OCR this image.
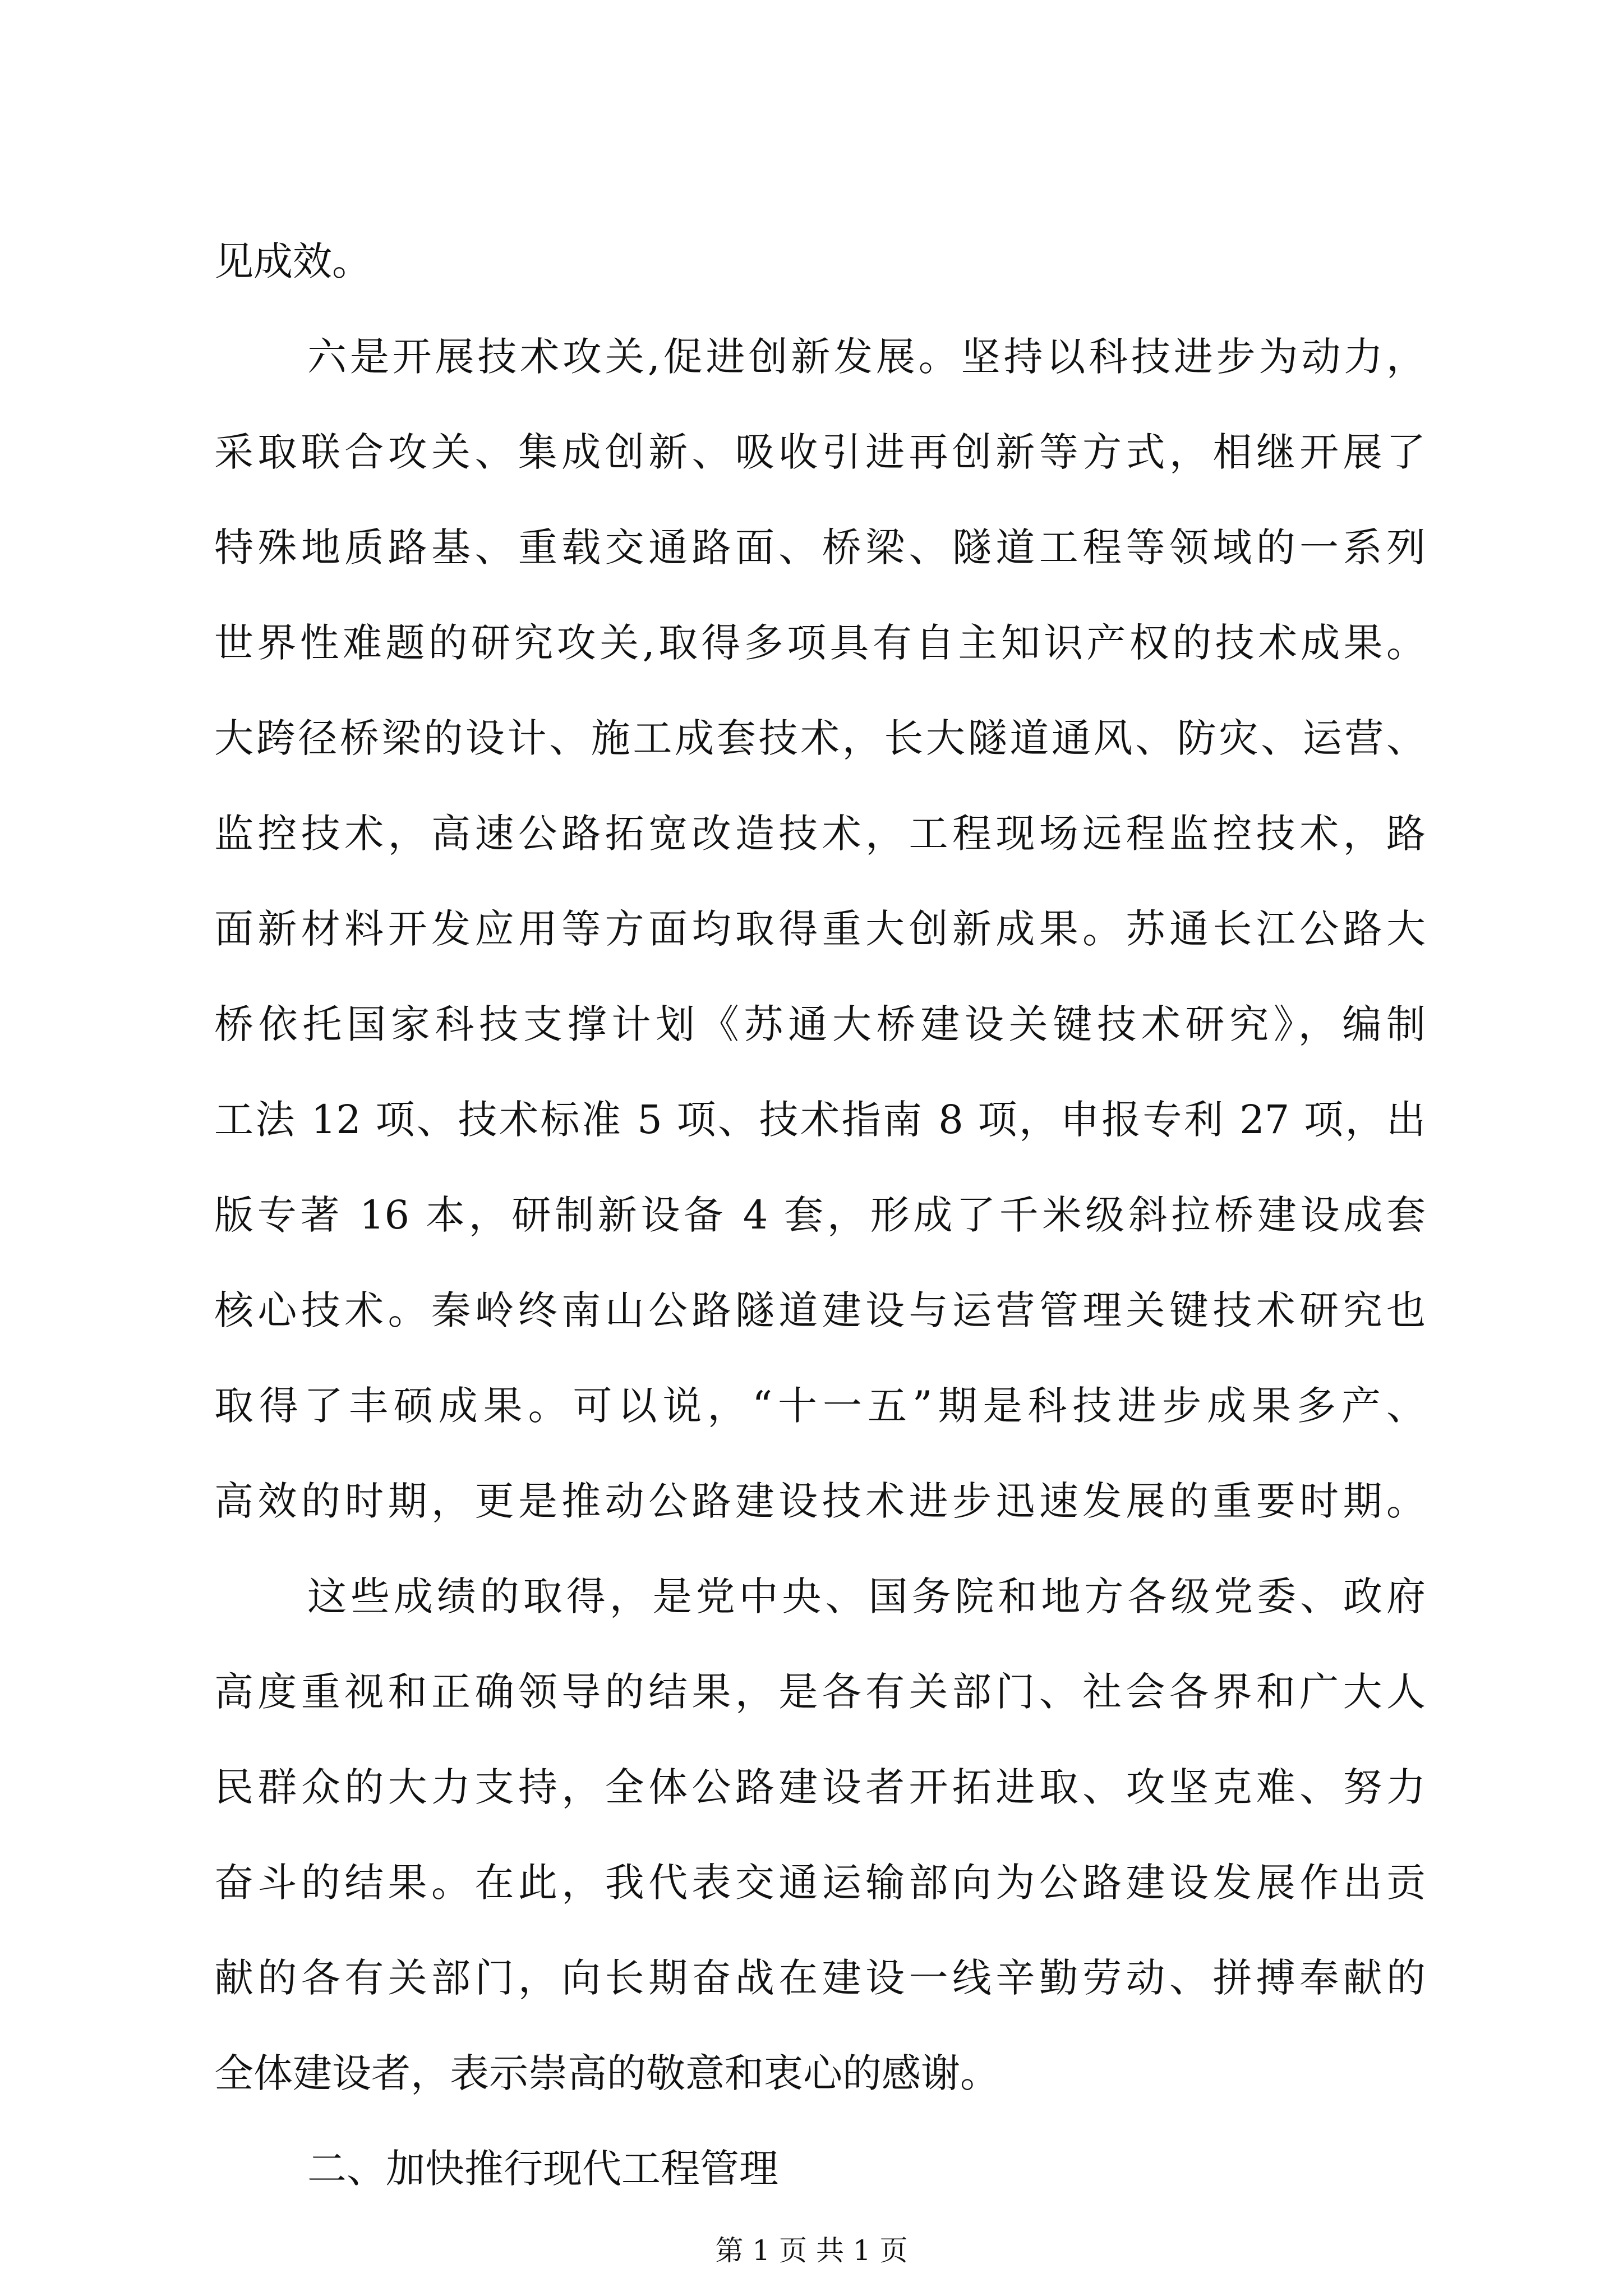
见成效。

六是开展技术攻关,促进创新发展。坚持以科技进步为动力，

采取联合攻关、集成创新、吸收引进再创新等方式，相继开展了

特殊地质路基、重载交通路面、桥梁、隧道工程等领域的一系列

世界性难题的研究攻关,取得多项具有自主知识产权的技术成果。

大跨径桥梁的设计、施工成套技术，长大隧道通风、防灾、运营、

监控技术，高速公路拓宽改造技术，工程现场远程监控技术，路

面新材料开发应用等方面均取得重大创新成果。苏通长江公路大

桥依托国家科技支撑计划《苏通大桥建设关键技术研究》，编制

工法 12 项、技术标准 5 项、技术指南 8 项，申报专利 27 项，出

版专著 16 本，研制新设备 4 套，形成了千米级斜拉桥建设成套

核心技术。秦岭终南山公路隧道建设与运营管理关键技术研究也

取得了丰硕成果。可以说，“十一五”期是科技进步成果多产、

高效的时期，更是推动公路建设技术进步迅速发展的重要时期。

这些成绩的取得，是党中央、国务院和地方各级党委、政府

高度重视和正确领导的结果，是各有关部门、社会各界和广大人

民群众的大力支持，全体公路建设者开拓进取、攻坚克难、努力

奋斗的结果。在此，我代表交通运输部向为公路建设发展作出贡

献的各有关部门，向长期奋战在建设一线辛勤劳动、拼搏奉献的

全体建设者，表示崇高的敬意和衷心的感谢。

二、加快推行现代工程管理

第 1 页 共 1 页
